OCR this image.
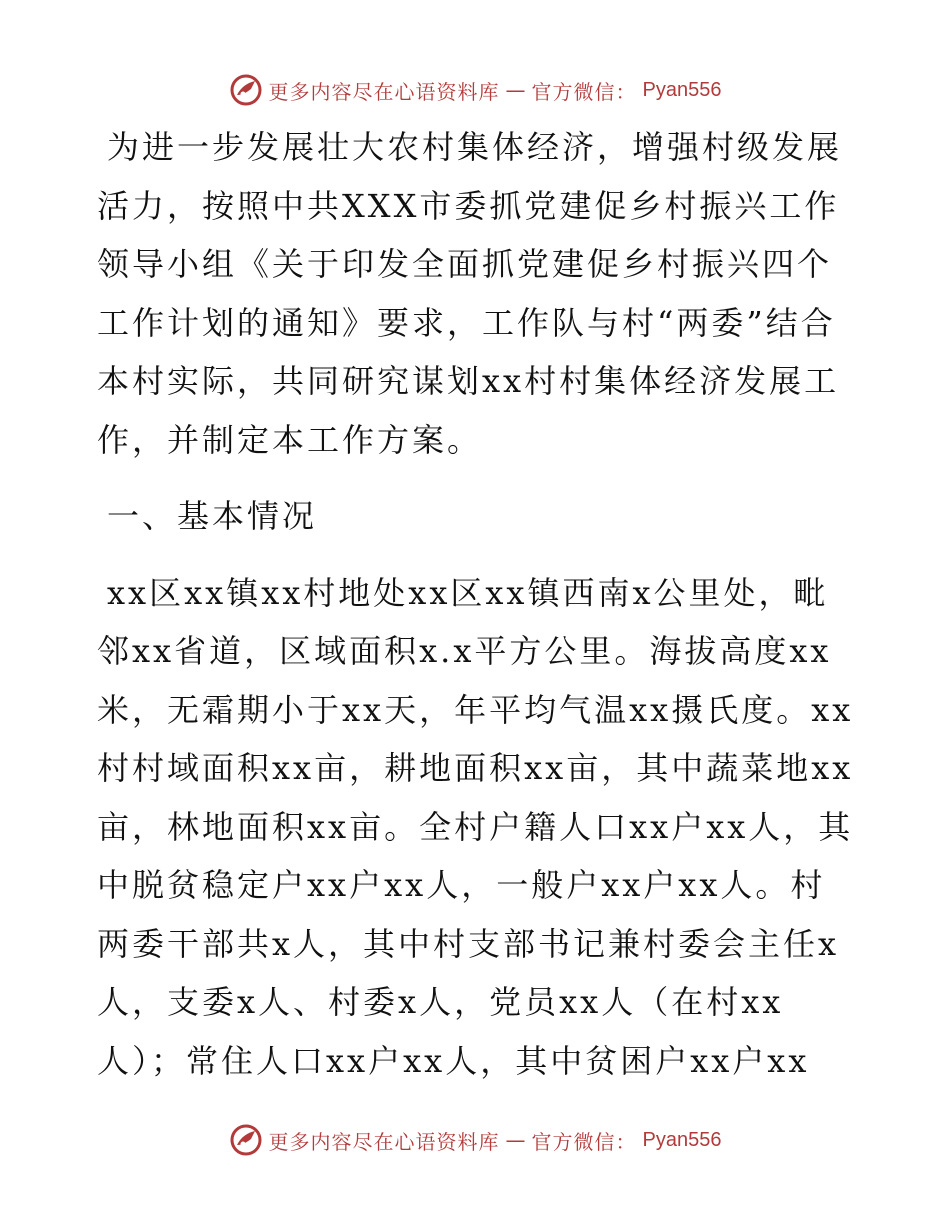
更多内容尽在心语资料库 — 官方微信： Pyan556

为进一步发展壮大农村集体经济，增强村级发展活力，按照中共XXX市委抓党建促乡村振兴工作领导小组《关于印发全面抓党建促乡村振兴四个工作计划的通知》要求，工作队与村“两委”结合本村实际，共同研究谋划xx村村集体经济发展工作，并制定本工作方案。

一、基本情况

xx区xx镇xx村地处xx区xx镇西南x公里处，毗邻xx省道，区域面积x.x平方公里。海拔高度xx米，无霜期小于xx天，年平均气温xx摄氏度。xx村村域面积xx亩，耕地面积xx亩，其中蔬菜地xx亩，林地面积xx亩。全村户籍人口xx户xx人，其中脱贫稳定户xx户xx人，一般户xx户xx人。村两委干部共x人，其中村支部书记兼村委会主任x人，支委x人、村委x人，党员xx人（在村xx人）；常住人口xx户xx人，其中贫困户xx户xx

更多内容尽在心语资料库 — 官方微信： Pyan556
